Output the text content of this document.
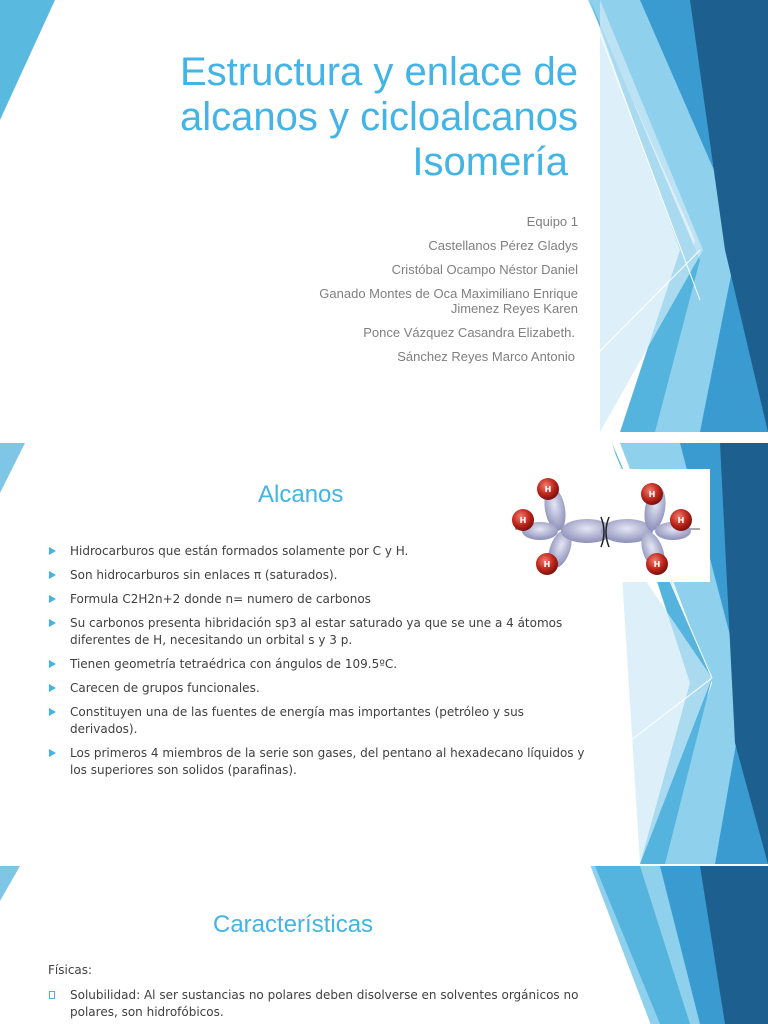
Estructura y enlace de
alcanos y cicloalcanos
Isomería
Equipo 1
Castellanos Pérez Gladys
Cristóbal Ocampo Néstor Daniel
Ganado Montes de Oca Maximiliano Enrique
Jimenez Reyes Karen
Ponce Vázquez Casandra Elizabeth.
Sánchez Reyes Marco Antonio
Alcanos	H
H
H
H
H
H
Hidrocarburos que están formados solamente por C y H.
Son hidrocarburos sin enlaces π (saturados).
Formula C2H2n+2 donde n= numero de carbonos
Su carbonos presenta hibridación sp3 al estar saturado ya que se une a 4 átomos diferentes de H, necesitando un orbital s y 3 p.
Tienen geometría tetraédrica con ángulos de 109.5ºC.
Carecen de grupos funcionales.
Constituyen una de las fuentes de energía mas importantes (petróleo y sus derivados).
Los primeros 4 miembros de la serie son gases, del pentano al hexadecano líquidos y los superiores son solidos (parafinas).
Características
Físicas:
Solubilidad: Al ser sustancias no polares deben disolverse en solventes orgánicos no polares, son hidrofóbicos.
